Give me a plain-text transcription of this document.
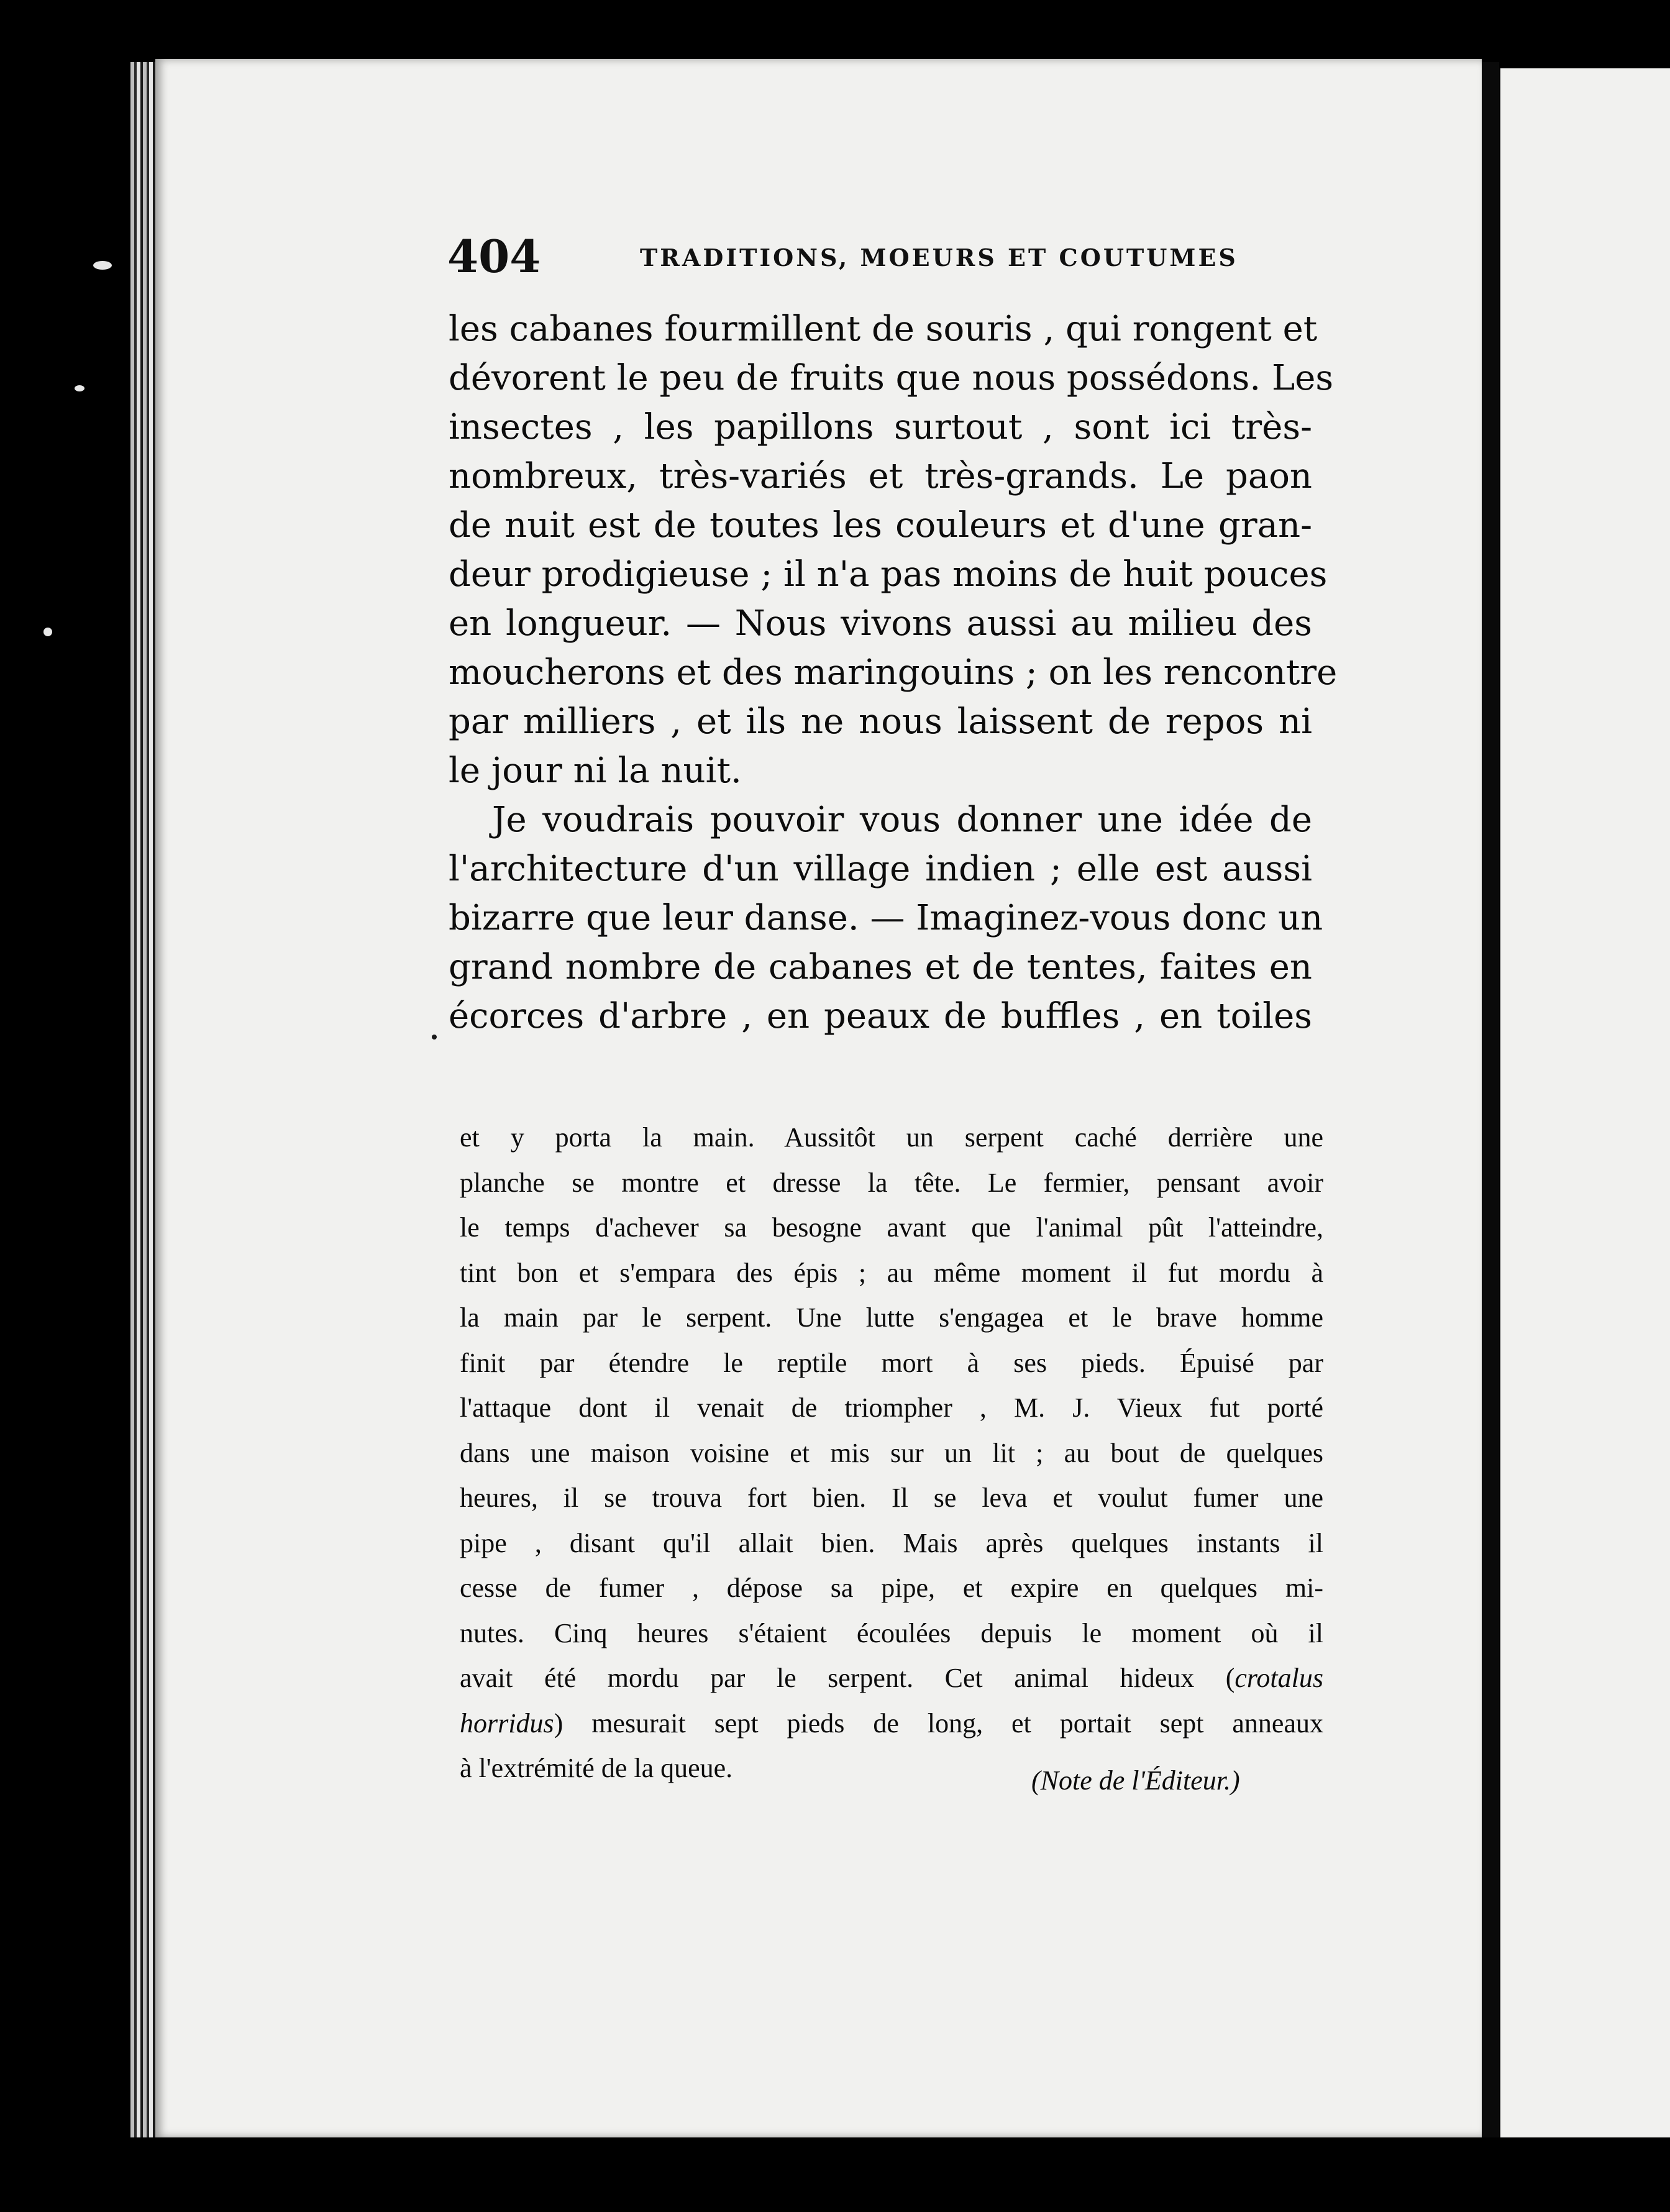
404	TRADITIONS, MOEURS ET COUTUMES
les cabanes fourmillent de souris , qui rongent et
dévorent le peu de fruits que nous possédons. Les
insectes , les papillons surtout , sont ici très-
nombreux, très-variés et très-grands. Le paon
de nuit est de toutes les couleurs et d'une gran-
deur prodigieuse ; il n'a pas moins de huit pouces
en longueur. — Nous vivons aussi au milieu des
moucherons et des maringouins ; on les rencontre
par milliers , et ils ne nous laissent de repos ni
le jour ni la nuit.
Je voudrais pouvoir vous donner une idée de
l'architecture d'un village indien ; elle est aussi
bizarre que leur danse. — Imaginez-vous donc un
grand nombre de cabanes et de tentes, faites en
écorces d'arbre , en peaux de buffles , en toiles
et y porta la main. Aussitôt un serpent caché derrière une
planche se montre et dresse la tête. Le fermier, pensant avoir
le temps d'achever sa besogne avant que l'animal pût l'atteindre,
tint bon et s'empara des épis ; au même moment il fut mordu à
la main par le serpent. Une lutte s'engagea et le brave homme
finit par étendre le reptile mort à ses pieds. Épuisé par
l'attaque dont il venait de triompher , M. J. Vieux fut porté
dans une maison voisine et mis sur un lit ; au bout de quelques
heures, il se trouva fort bien. Il se leva et voulut fumer une
pipe , disant qu'il allait bien. Mais après quelques instants il
cesse de fumer , dépose sa pipe, et expire en quelques mi-
nutes. Cinq heures s'étaient écoulées depuis le moment où il
avait été mordu par le serpent. Cet animal hideux (crotalus
horridus) mesurait sept pieds de long, et portait sept anneaux
à l'extrémité de la queue.	(Note de l'Éditeur.)
